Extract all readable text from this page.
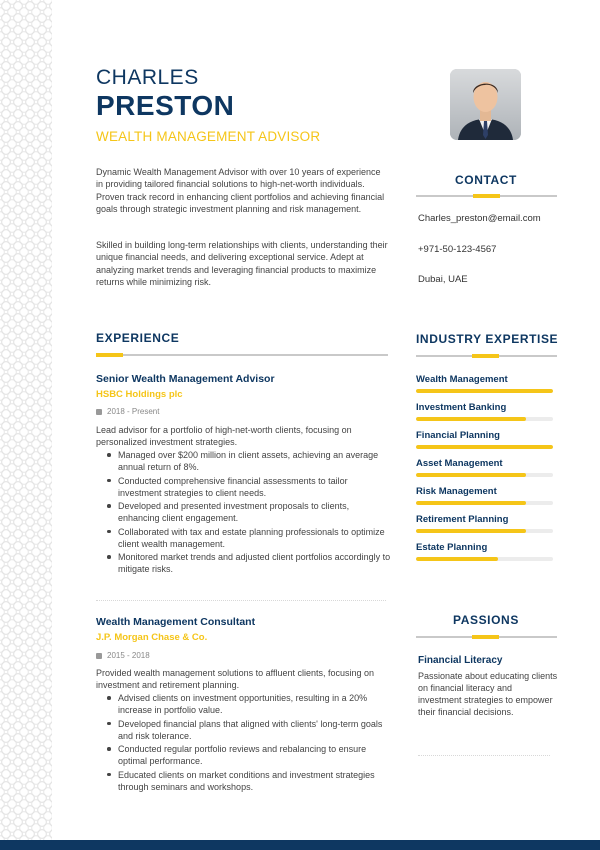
CHARLES
PRESTON
WEALTH MANAGEMENT ADVISOR
Dynamic Wealth Management Advisor with over 10 years of experience in providing tailored financial solutions to high-net-worth individuals. Proven track record in enhancing client portfolios and achieving financial goals through strategic investment planning and risk management.
Skilled in building long-term relationships with clients, understanding their unique financial needs, and delivering exceptional service. Adept at analyzing market trends and leveraging financial products to maximize returns while minimizing risk.
CONTACT
Charles_preston@email.com
+971-50-123-4567
Dubai, UAE
EXPERIENCE
Senior Wealth Management Advisor
HSBC Holdings plc
2018 - Present
Lead advisor for a portfolio of high-net-worth clients, focusing on personalized investment strategies.
Managed over $200 million in client assets, achieving an average annual return of 8%.
Conducted comprehensive financial assessments to tailor investment strategies to client needs.
Developed and presented investment proposals to clients, enhancing client engagement.
Collaborated with tax and estate planning professionals to optimize client wealth management.
Monitored market trends and adjusted client portfolios accordingly to mitigate risks.
Wealth Management Consultant
J.P. Morgan Chase & Co.
2015 - 2018
Provided wealth management solutions to affluent clients, focusing on investment and retirement planning.
Advised clients on investment opportunities, resulting in a 20% increase in portfolio value.
Developed financial plans that aligned with clients' long-term goals and risk tolerance.
Conducted regular portfolio reviews and rebalancing to ensure optimal performance.
Educated clients on market conditions and investment strategies through seminars and workshops.
INDUSTRY EXPERTISE
Wealth Management
Investment Banking
Financial Planning
Asset Management
Risk Management
Retirement Planning
Estate Planning
PASSIONS
Financial Literacy
Passionate about educating clients on financial literacy and investment strategies to empower their financial decisions.
